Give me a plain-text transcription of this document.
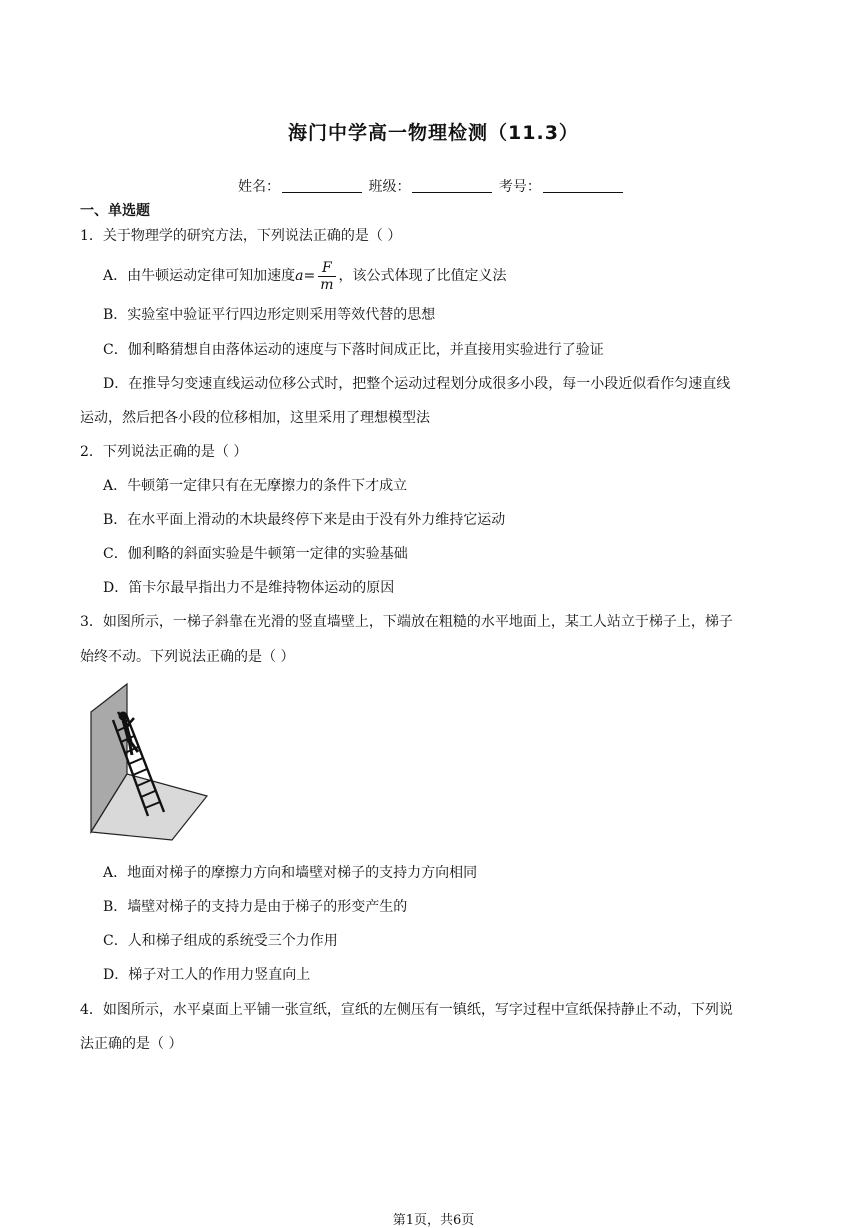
海门中学高一物理检测（11.3）
姓名：	班级：	考号：
一、单选题
1．关于物理学的研究方法，下列说法正确的是（ ）
A．由牛顿运动定律可知加速度$a= \frac{F}{m}$ ，该公式体现了比值定义法
B．实验室中验证平行四边形定则采用等效代替的思想
C．伽利略猜想自由落体运动的速度与下落时间成正比，并直接用实验进行了验证
D．在推导匀变速直线运动位移公式时，把整个运动过程划分成很多小段，每一小段近似看作匀速直线
运动，然后把各小段的位移相加，这里采用了理想模型法
2．下列说法正确的是（ ）
A．牛顿第一定律只有在无摩擦力的条件下才成立
B．在水平面上滑动的木块最终停下来是由于没有外力维持它运动
C．伽利略的斜面实验是牛顿第一定律的实验基础
D．笛卡尔最早指出力不是维持物体运动的原因
3．如图所示，一梯子斜靠在光滑的竖直墙壁上，下端放在粗糙的水平地面上，某工人站立于梯子上，梯子
始终不动。下列说法正确的是（ ）
A．地面对梯子的摩擦力方向和墙壁对梯子的支持力方向相同
B．墙壁对梯子的支持力是由于梯子的形变产生的
C．人和梯子组成的系统受三个力作用
D．梯子对工人的作用力竖直向上
4．如图所示，水平桌面上平铺一张宣纸，宣纸的左侧压有一镇纸，写字过程中宣纸保持静止不动，下列说
法正确的是（ ）
第1页，共6页
